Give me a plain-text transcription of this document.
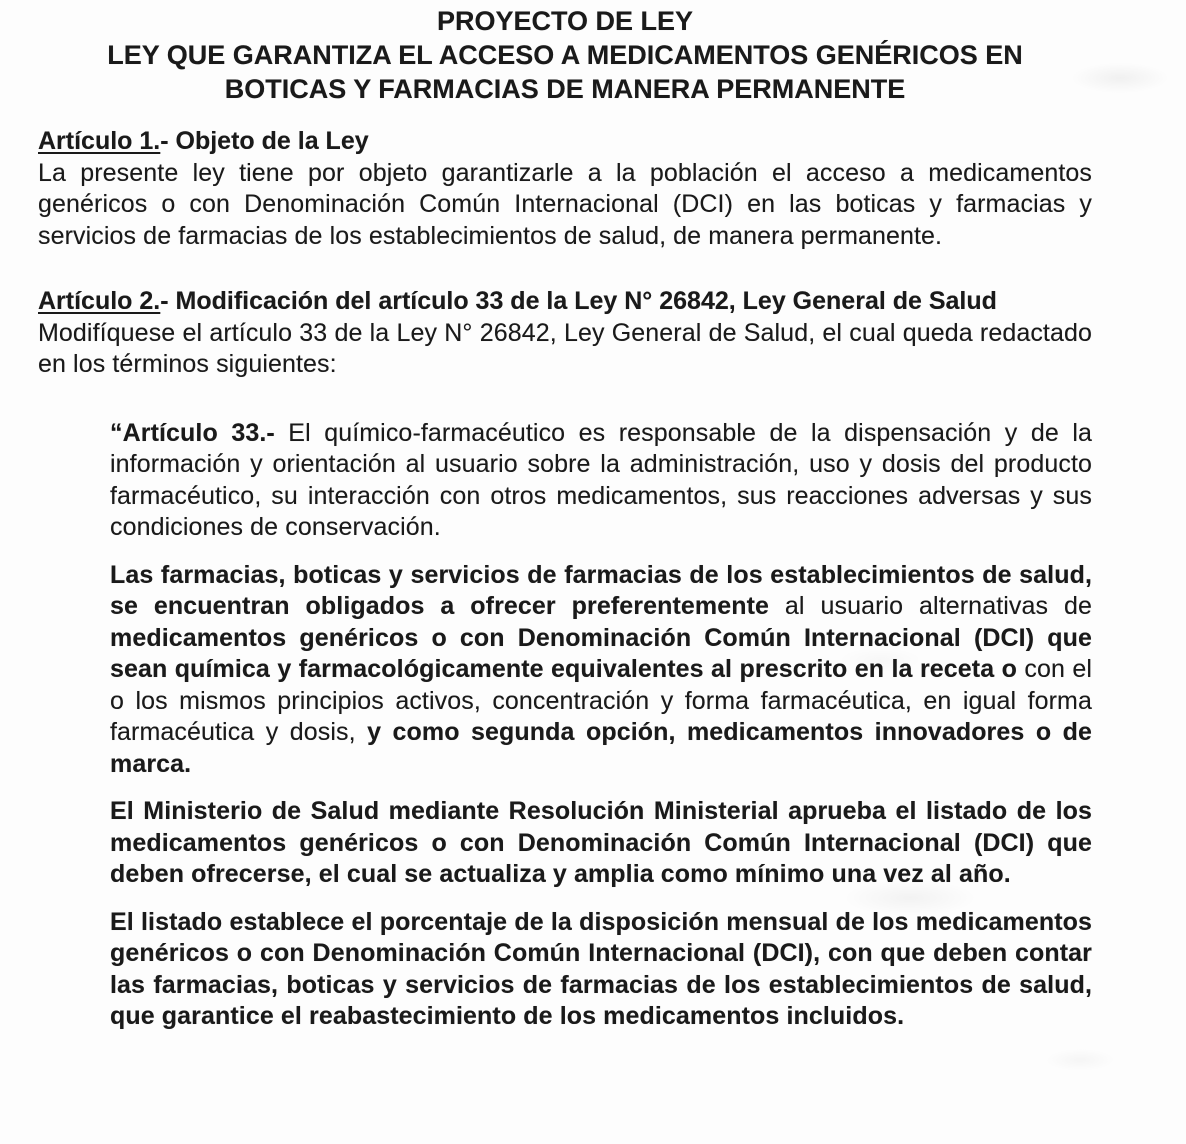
PROYECTO DE LEY
LEY QUE GARANTIZA EL ACCESO A MEDICAMENTOS GENÉRICOS EN
BOTICAS Y FARMACIAS DE MANERA PERMANENTE
Artículo 1.- Objeto de la Ley

La presente ley tiene por objeto garantizarle a la población el acceso a medicamentos genéricos o con Denominación Común Internacional (DCI) en las boticas y farmacias y servicios de farmacias de los establecimientos de salud, de manera permanente.

Artículo 2.- Modificación del artículo 33 de la Ley N° 26842, Ley General de Salud

Modifíquese el artículo 33 de la Ley N° 26842, Ley General de Salud, el cual queda redactado en los términos siguientes:

“Artículo 33.- El químico-farmacéutico es responsable de la dispensación y de la información y orientación al usuario sobre la administración, uso y dosis del producto farmacéutico, su interacción con otros medicamentos, sus reacciones adversas y sus condiciones de conservación.

Las farmacias, boticas y servicios de farmacias de los establecimientos de salud, se encuentran obligados a ofrecer preferentemente al usuario alternativas de medicamentos genéricos o con Denominación Común Internacional (DCI) que sean química y farmacológicamente equivalentes al prescrito en la receta o con el o los mismos principios activos, concentración y forma farmacéutica, en igual forma farmacéutica y dosis, y como segunda opción, medicamentos innovadores o de marca.

El Ministerio de Salud mediante Resolución Ministerial aprueba el listado de los medicamentos genéricos o con Denominación Común Internacional (DCI) que deben ofrecerse, el cual se actualiza y amplia como mínimo una vez al año.

El listado establece el porcentaje de la disposición mensual de los medicamentos genéricos o con Denominación Común Internacional (DCI), con que deben contar las farmacias, boticas y servicios de farmacias de los establecimientos de salud, que garantice el reabastecimiento de los medicamentos incluidos.
